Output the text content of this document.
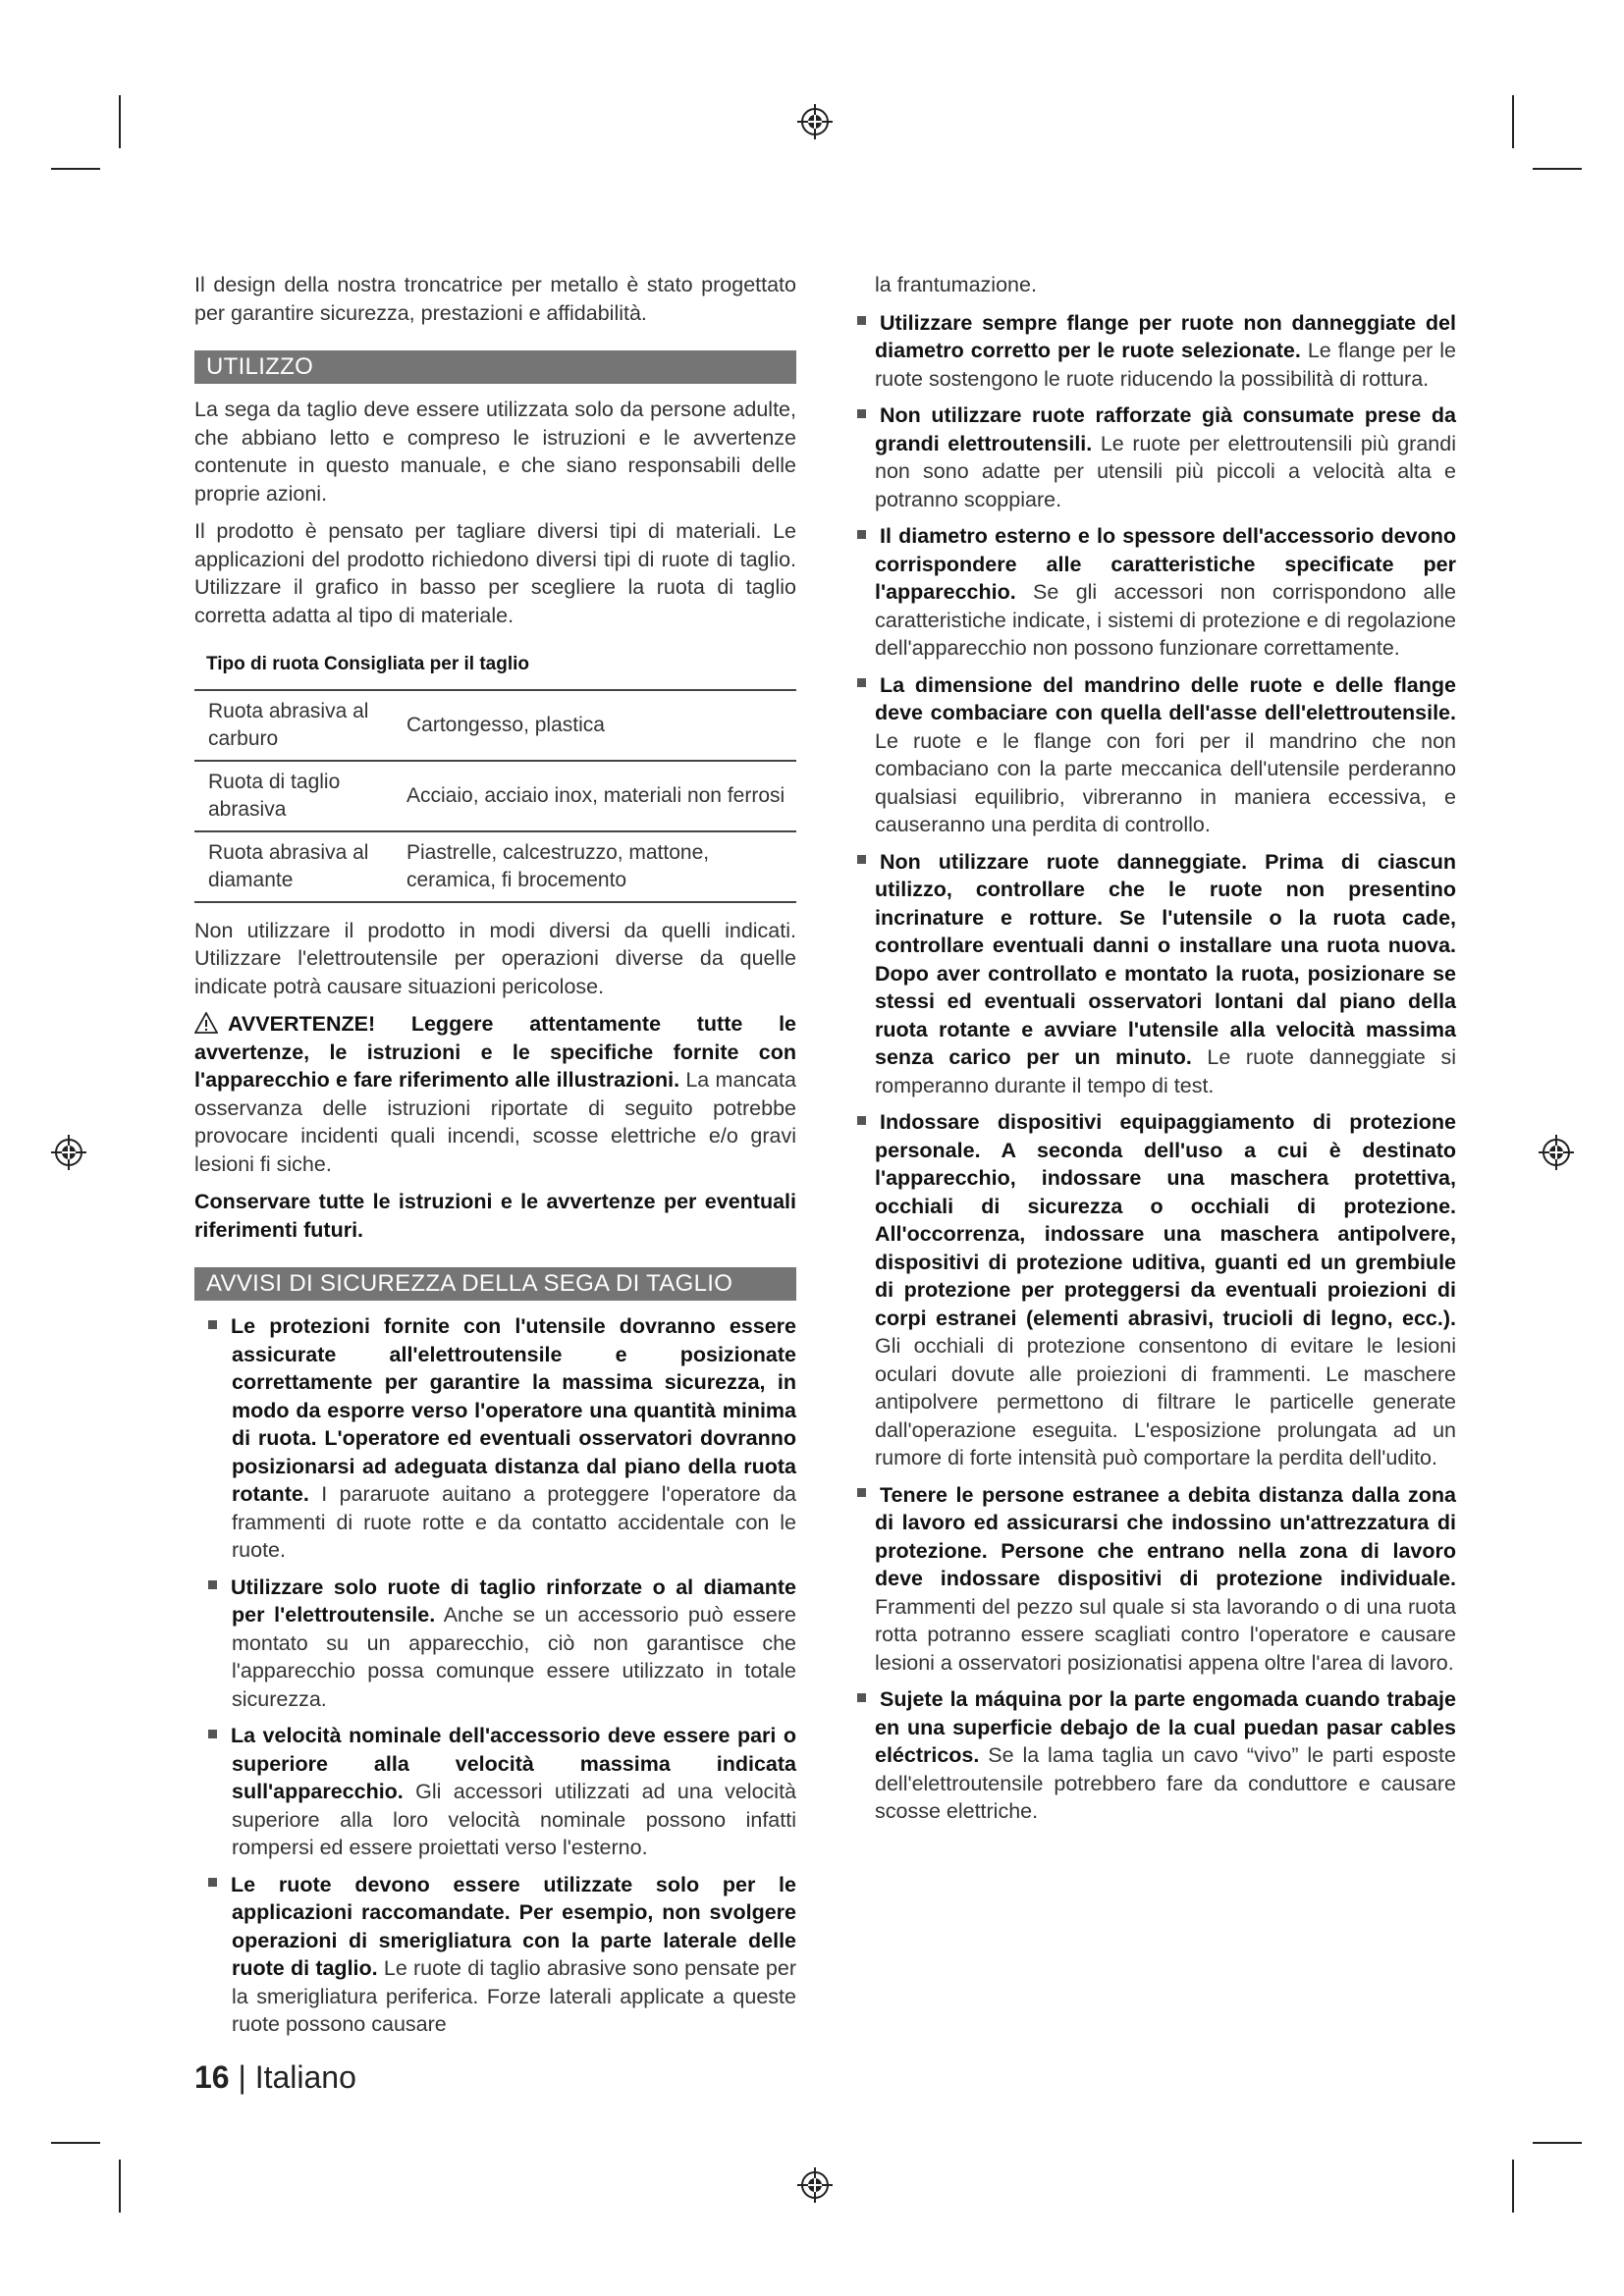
Il design della nostra troncatrice per metallo è stato progettato per garantire sicurezza, prestazioni e affidabilità.

UTILIZZO

La sega da taglio deve essere utilizzata solo da persone adulte, che abbiano letto e compreso le istruzioni e le avvertenze contenute in questo manuale, e che siano responsabili delle proprie azioni.

Il prodotto è pensato per tagliare diversi tipi di materiali. Le applicazioni del prodotto richiedono diversi tipi di ruote di taglio. Utilizzare il grafico in basso per scegliere la ruota di taglio corretta adatta al tipo di materiale.

Tipo di ruota Consigliata per il taglio
Ruota abrasiva al carburo	Cartongesso, plastica
Ruota di taglio abrasiva	Acciaio, acciaio inox, materiali non ferrosi
Ruota abrasiva al diamante	Piastrelle, calcestruzzo, mattone, ceramica, fi brocemento

Non utilizzare il prodotto in modi diversi da quelli indicati. Utilizzare l'elettroutensile per operazioni diverse da quelle indicate potrà causare situazioni pericolose.

AVVERTENZE! Leggere attentamente tutte le avvertenze, le istruzioni e le specifiche fornite con l'apparecchio e fare riferimento alle illustrazioni. La mancata osservanza delle istruzioni riportate di seguito potrebbe provocare incidenti quali incendi, scosse elettriche e/o gravi lesioni fi siche.

Conservare tutte le istruzioni e le avvertenze per eventuali riferimenti futuri.

AVVISI DI SICUREZZA DELLA SEGA DI TAGLIO
Le protezioni fornite con l'utensile dovranno essere assicurate all'elettroutensile e posizionate correttamente per garantire la massima sicurezza, in modo da esporre verso l'operatore una quantità minima di ruota. L'operatore ed eventuali osservatori dovranno posizionarsi ad adeguata distanza dal piano della ruota rotante. I pararuote auitano a proteggere l'operatore da frammenti di ruote rotte e da contatto accidentale con le ruote.
Utilizzare solo ruote di taglio rinforzate o al diamante per l'elettroutensile. Anche se un accessorio può essere montato su un apparecchio, ciò non garantisce che l'apparecchio possa comunque essere utilizzato in totale sicurezza.
La velocità nominale dell'accessorio deve essere pari o superiore alla velocità massima indicata sull'apparecchio. Gli accessori utilizzati ad una velocità superiore alla loro velocità nominale possono infatti rompersi ed essere proiettati verso l'esterno.
Le ruote devono essere utilizzate solo per le applicazioni raccomandate. Per esempio, non svolgere operazioni di smerigliatura con la parte laterale delle ruote di taglio. Le ruote di taglio abrasive sono pensate per la smerigliatura periferica. Forze laterali applicate a queste ruote possono causare

la frantumazione.

Utilizzare sempre flange per ruote non danneggiate del diametro corretto per le ruote selezionate. Le flange per le ruote sostengono le ruote riducendo la possibilità di rottura.
Non utilizzare ruote rafforzate già consumate prese da grandi elettroutensili. Le ruote per elettroutensili più grandi non sono adatte per utensili più piccoli a velocità alta e potranno scoppiare.
Il diametro esterno e lo spessore dell'accessorio devono corrispondere alle caratteristiche specificate per l'apparecchio. Se gli accessori non corrispondono alle caratteristiche indicate, i sistemi di protezione e di regolazione dell'apparecchio non possono funzionare correttamente.
La dimensione del mandrino delle ruote e delle flange deve combaciare con quella dell'asse dell'elettroutensile. Le ruote e le flange con fori per il mandrino che non combaciano con la parte meccanica dell'utensile perderanno qualsiasi equilibrio, vibreranno in maniera eccessiva, e causeranno una perdita di controllo.
Non utilizzare ruote danneggiate. Prima di ciascun utilizzo, controllare che le ruote non presentino incrinature e rotture. Se l'utensile o la ruota cade, controllare eventuali danni o installare una ruota nuova. Dopo aver controllato e montato la ruota, posizionare se stessi ed eventuali osservatori lontani dal piano della ruota rotante e avviare l'utensile alla velocità massima senza carico per un minuto. Le ruote danneggiate si romperanno durante il tempo di test.
Indossare dispositivi equipaggiamento di protezione personale. A seconda dell'uso a cui è destinato l'apparecchio, indossare una maschera protettiva, occhiali di sicurezza o occhiali di protezione. All'occorrenza, indossare una maschera antipolvere, dispositivi di protezione uditiva, guanti ed un grembiule di protezione per proteggersi da eventuali proiezioni di corpi estranei (elementi abrasivi, trucioli di legno, ecc.). Gli occhiali di protezione consentono di evitare le lesioni oculari dovute alle proiezioni di frammenti. Le maschere antipolvere permettono di filtrare le particelle generate dall'operazione eseguita. L'esposizione prolungata ad un rumore di forte intensità può comportare la perdita dell'udito.
Tenere le persone estranee a debita distanza dalla zona di lavoro ed assicurarsi che indossino un'attrezzatura di protezione. Persone che entrano nella zona di lavoro deve indossare dispositivi di protezione individuale. Frammenti del pezzo sul quale si sta lavorando o di una ruota rotta potranno essere scagliati contro l'operatore e causare lesioni a osservatori posizionatisi appena oltre l'area di lavoro.
Sujete la máquina por la parte engomada cuando trabaje en una superficie debajo de la cual puedan pasar cables eléctricos. Se la lama taglia un cavo “vivo” le parti esposte dell'elettroutensile potrebbero fare da conduttore e causare scosse elettriche.
16 | Italiano
